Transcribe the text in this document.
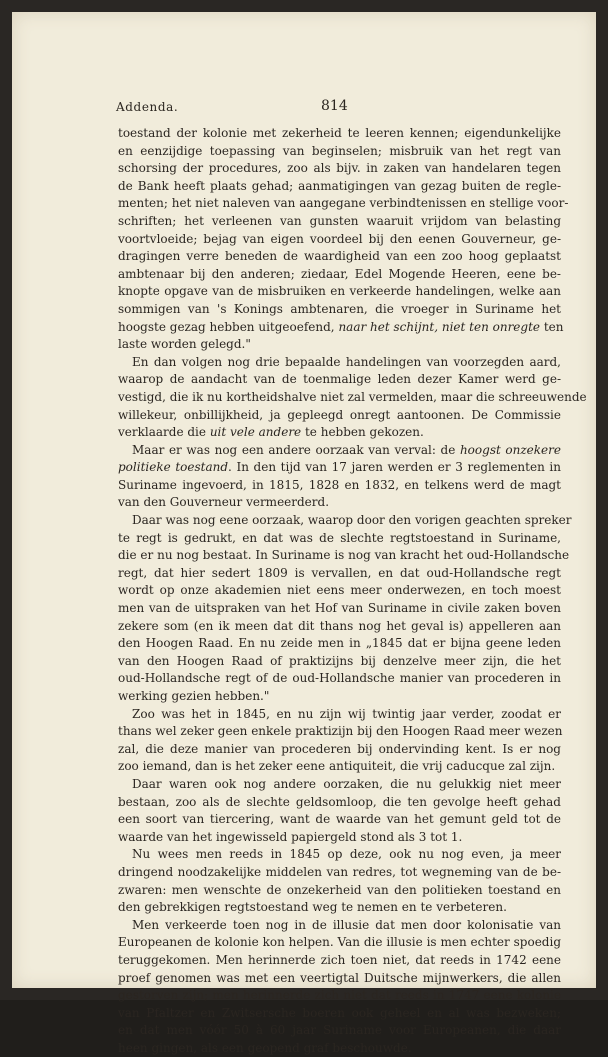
Addenda.	814
toestand der kolonie met zekerheid te leeren kennen; eigendunkelijke
en eenzijdige toepassing van beginselen; misbruik van het regt van
schorsing der procedures, zoo als bijv. in zaken van handelaren tegen
de Bank heeft plaats gehad; aanmatigingen van gezag buiten de regle-
menten; het niet naleven van aangegane verbindtenissen en stellige voor-
schriften; het verleenen van gunsten waaruit vrijdom van belasting
voortvloeide; bejag van eigen voordeel bij den eenen Gouverneur, ge-
dragingen verre beneden de waardigheid van een zoo hoog geplaatst
ambtenaar bij den anderen; ziedaar, Edel Mogende Heeren, eene be-
knopte opgave van de misbruiken en verkeerde handelingen, welke aan
sommigen van 's Konings ambtenaren, die vroeger in Suriname het
hoogste gezag hebben uitgeoefend, naar het schijnt, niet ten onregte ten
laste worden gelegd."
En dan volgen nog drie bepaalde handelingen van voorzegden aard,
waarop de aandacht van de toenmalige leden dezer Kamer werd ge-
vestigd, die ik nu kortheidshalve niet zal vermelden, maar die schreeuwende
willekeur, onbillijkheid, ja gepleegd onregt aantoonen. De Commissie
verklaarde die uit vele andere te hebben gekozen.
Maar er was nog een andere oorzaak van verval: de hoogst onzekere
politieke toestand. In den tijd van 17 jaren werden er 3 reglementen in
Suriname ingevoerd, in 1815, 1828 en 1832, en telkens werd de magt
van den Gouverneur vermeerderd.
Daar was nog eene oorzaak, waarop door den vorigen geachten spreker
te regt is gedrukt, en dat was de slechte regtstoestand in Suriname,
die er nu nog bestaat. In Suriname is nog van kracht het oud-Hollandsche
regt, dat hier sedert 1809 is vervallen, en dat oud-Hollandsche regt
wordt op onze akademien niet eens meer onderwezen, en toch moest
men van de uitspraken van het Hof van Suriname in civile zaken boven
zekere som (en ik meen dat dit thans nog het geval is) appelleren aan
den Hoogen Raad. En nu zeide men in „1845 dat er bijna geene leden
van den Hoogen Raad of praktizijns bij denzelve meer zijn, die het
oud-Hollandsche regt of de oud-Hollandsche manier van procederen in
werking gezien hebben."
Zoo was het in 1845, en nu zijn wij twintig jaar verder, zoodat er
thans wel zeker geen enkele praktizijn bij den Hoogen Raad meer wezen
zal, die deze manier van procederen bij ondervinding kent. Is er nog
zoo iemand, dan is het zeker eene antiquiteit, die vrij caducque zal zijn.
Daar waren ook nog andere oorzaken, die nu gelukkig niet meer
bestaan, zoo als de slechte geldsomloop, die ten gevolge heeft gehad
een soort van tiercering, want de waarde van het gemunt geld tot de
waarde van het ingewisseld papiergeld stond als 3 tot 1.
Nu wees men reeds in 1845 op deze, ook nu nog even, ja meer
dringend noodzakelijke middelen van redres, tot wegneming van de be-
zwaren: men wenschte de onzekerheid van den politieken toestand en
den gebrekkigen regtstoestand weg te nemen en te verbeteren.
Men verkeerde toen nog in de illusie dat men door kolonisatie van
Europeanen de kolonie kon helpen. Van die illusie is men echter spoedig
teruggekomen. Men herinnerde zich toen niet, dat reeds in 1742 eene
proef genomen was met een veertigtal Duitsche mijnwerkers, die allen
gestorven zijn; men herinnerde zich niet dat reeds in 1747 eene kolonie
van Pfaltzer en Zwitsersche boeren ook geheel en al was bezweken;
en dat men vóór 50 à 60 jaar Suriname voor Europeanen, die daar
heen gingen, als een geopend graf beschouwde.
